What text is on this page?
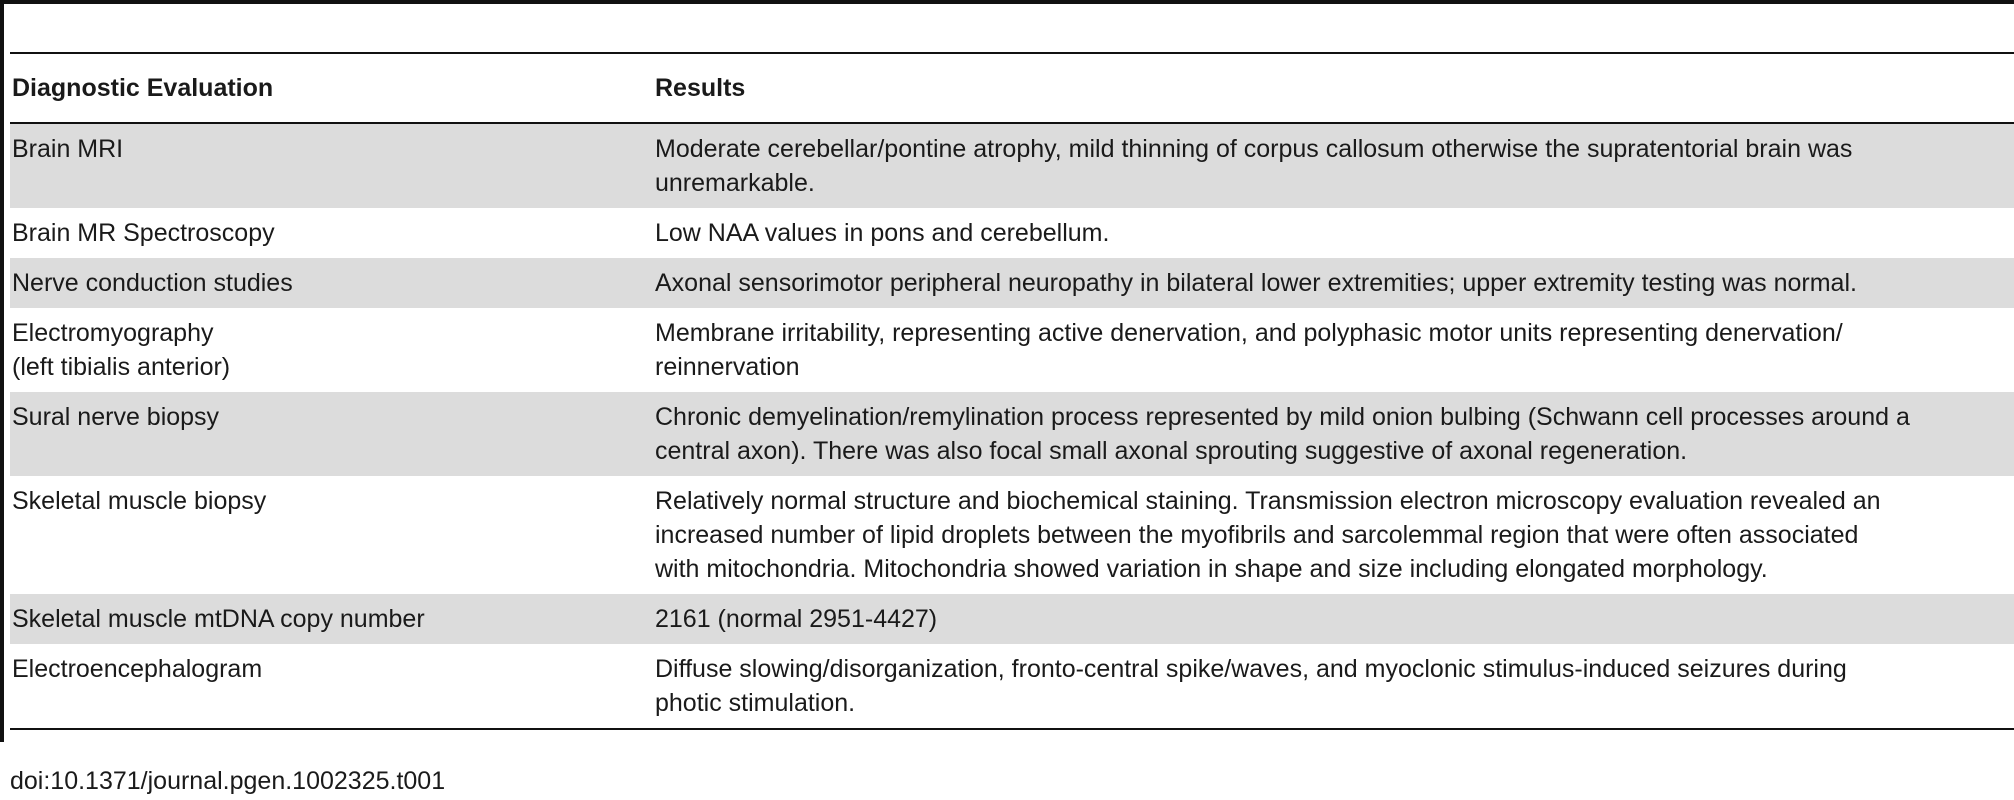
Diagnostic Evaluation	Results

Brain MRI	Moderate cerebellar/pontine atrophy, mild thinning of corpus callosum otherwise the supratentorial brain was
unremarkable.

Brain MR Spectroscopy	Low NAA values in pons and cerebellum.

Nerve conduction studies	Axonal sensorimotor peripheral neuropathy in bilateral lower extremities; upper extremity testing was normal.

Electromyography
(left tibialis anterior)	Membrane irritability, representing active denervation, and polyphasic motor units representing denervation/
reinnervation

Sural nerve biopsy	Chronic demyelination/remylination process represented by mild onion bulbing (Schwann cell processes around a
central axon). There was also focal small axonal sprouting suggestive of axonal regeneration.

Skeletal muscle biopsy	Relatively normal structure and biochemical staining. Transmission electron microscopy evaluation revealed an
increased number of lipid droplets between the myofibrils and sarcolemmal region that were often associated
with mitochondria. Mitochondria showed variation in shape and size including elongated morphology.

Skeletal muscle mtDNA copy number	2161 (normal 2951-4427)

Electroencephalogram	Diffuse slowing/disorganization, fronto-central spike/waves, and myoclonic stimulus-induced seizures during
photic stimulation.
doi:10.1371/journal.pgen.1002325.t001
